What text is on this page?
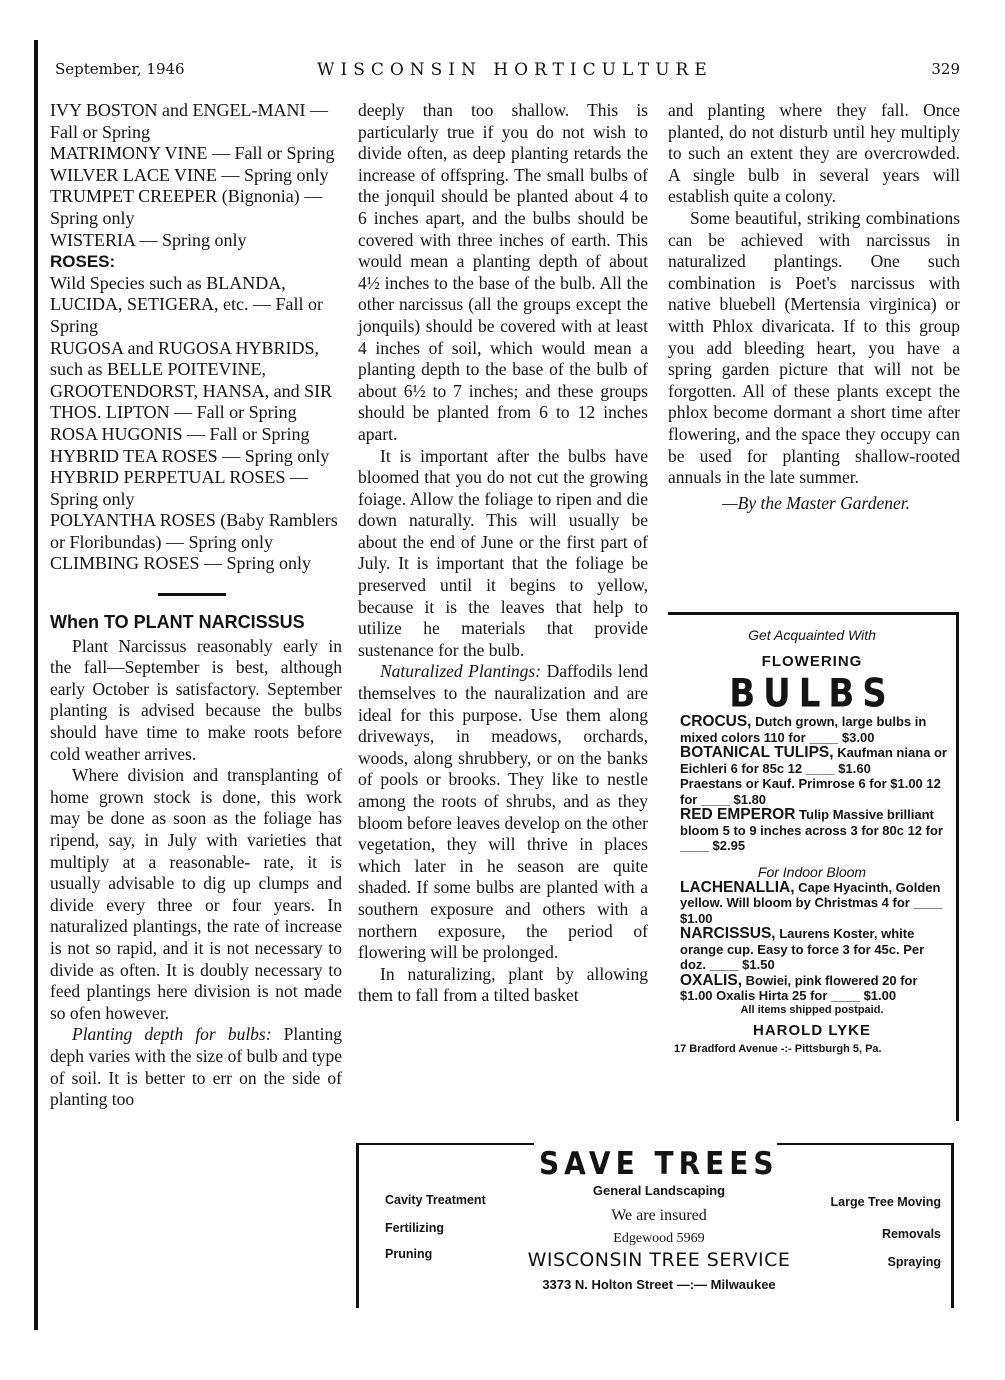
September, 1946	WISCONSIN HORTICULTURE	329
IVY BOSTON and ENGEL-MANI — Fall or Spring
MATRIMONY VINE — Fall or Spring
WILVER LACE VINE — Spring only
TRUMPET CREEPER (Bignonia) — Spring only
WISTERIA — Spring only
ROSES:
Wild Species such as BLANDA, LUCIDA, SETIGERA, etc. — Fall or Spring
RUGOSA and RUGOSA HYBRIDS, such as BELLE POITEVINE, GROOTENDORST, HANSA, and SIR THOS. LIPTON — Fall or Spring
ROSA HUGONIS — Fall or Spring
HYBRID TEA ROSES — Spring only
HYBRID PERPETUAL ROSES — Spring only
POLYANTHA ROSES (Baby Ramblers or Floribundas) — Spring only
CLIMBING ROSES — Spring only
When TO PLANT NARCISSUS

Plant Narcissus reasonably early in the fall—September is best, although early October is satisfactory. September planting is advised because the bulbs should have time to make roots before cold weather arrives.

Where division and transplanting of home grown stock is done, this work may be done as soon as the foliage has ripend, say, in July with varieties that multiply at a reasonable- rate, it is usually advisable to dig up clumps and divide every three or four years. In naturalized plantings, the rate of increase is not so rapid, and it is not necessary to divide as often. It is doubly necessary to feed plantings here division is not made so ofen however.

Planting depth for bulbs: Planting deph varies with the size of bulb and type of soil. It is better to err on the side of planting too

deeply than too shallow. This is particularly true if you do not wish to divide often, as deep planting retards the increase of offspring. The small bulbs of the jonquil should be planted about 4 to 6 inches apart, and the bulbs should be covered with three inches of earth. This would mean a planting depth of about 4½ inches to the base of the bulb. All the other narcissus (all the groups except the jonquils) should be covered with at least 4 inches of soil, which would mean a planting depth to the base of the bulb of about 6½ to 7 inches; and these groups should be planted from 6 to 12 inches apart.

It is important after the bulbs have bloomed that you do not cut the growing foiage. Allow the foliage to ripen and die down naturally. This will usually be about the end of June or the first part of July. It is important that the foliage be preserved until it begins to yellow, because it is the leaves that help to utilize he materials that provide sustenance for the bulb.

Naturalized Plantings: Daffodils lend themselves to the nauralization and are ideal for this purpose. Use them along driveways, in meadows, orchards, woods, along shrubbery, or on the banks of pools or brooks. They like to nestle among the roots of shrubs, and as they bloom before leaves develop on the other vegetation, they will thrive in places which later in he season are quite shaded. If some bulbs are planted with a southern exposure and others with a northern exposure, the period of flowering will be prolonged.

In naturalizing, plant by allowing them to fall from a tilted basket

and planting where they fall. Once planted, do not disturb until hey multiply to such an extent they are overcrowded. A single bulb in several years will establish quite a colony.

Some beautiful, striking combinations can be achieved with narcissus in naturalized plantings. One such combination is Poet's narcissus with native bluebell (Mertensia virginica) or witth Phlox divaricata. If to this group you add bleeding heart, you have a spring garden picture that will not be forgotten. All of these plants except the phlox become dormant a short time after flowering, and the space they occupy can be used for planting shallow-rooted annuals in the late summer.

—By the Master Gardener.
Get Acquainted With
FLOWERING
BULBS
CROCUS, Dutch grown, large bulbs in mixed colors 110 for ____ $3.00
BOTANICAL TULIPS, Kaufman niana or Eichleri 6 for 85c 12 ____ $1.60
Praestans or Kauf. Primrose 6 for $1.00 12 for ____ $1.80
RED EMPEROR Tulip Massive brilliant bloom 5 to 9 inches across 3 for 80c 12 for ____ $2.95
For Indoor Bloom
LACHENALLIA, Cape Hyacinth, Golden yellow. Will bloom by Christmas 4 for ____ $1.00
NARCISSUS, Laurens Koster, white orange cup. Easy to force 3 for 45c. Per doz. ____ $1.50
OXALIS, Bowiei, pink flowered 20 for $1.00 Oxalis Hirta 25 for ____ $1.00
All items shipped postpaid.
HAROLD LYKE
17 Bradford Avenue -:- Pittsburgh 5, Pa.
SAVE TREES
General Landscaping
Cavity Treatment
Fertilizing
Pruning
We are insured
Edgewood 5969
Large Tree Moving
Removals
Spraying
WISCONSIN TREE SERVICE
3373 N. Holton Street —:— Milwaukee
